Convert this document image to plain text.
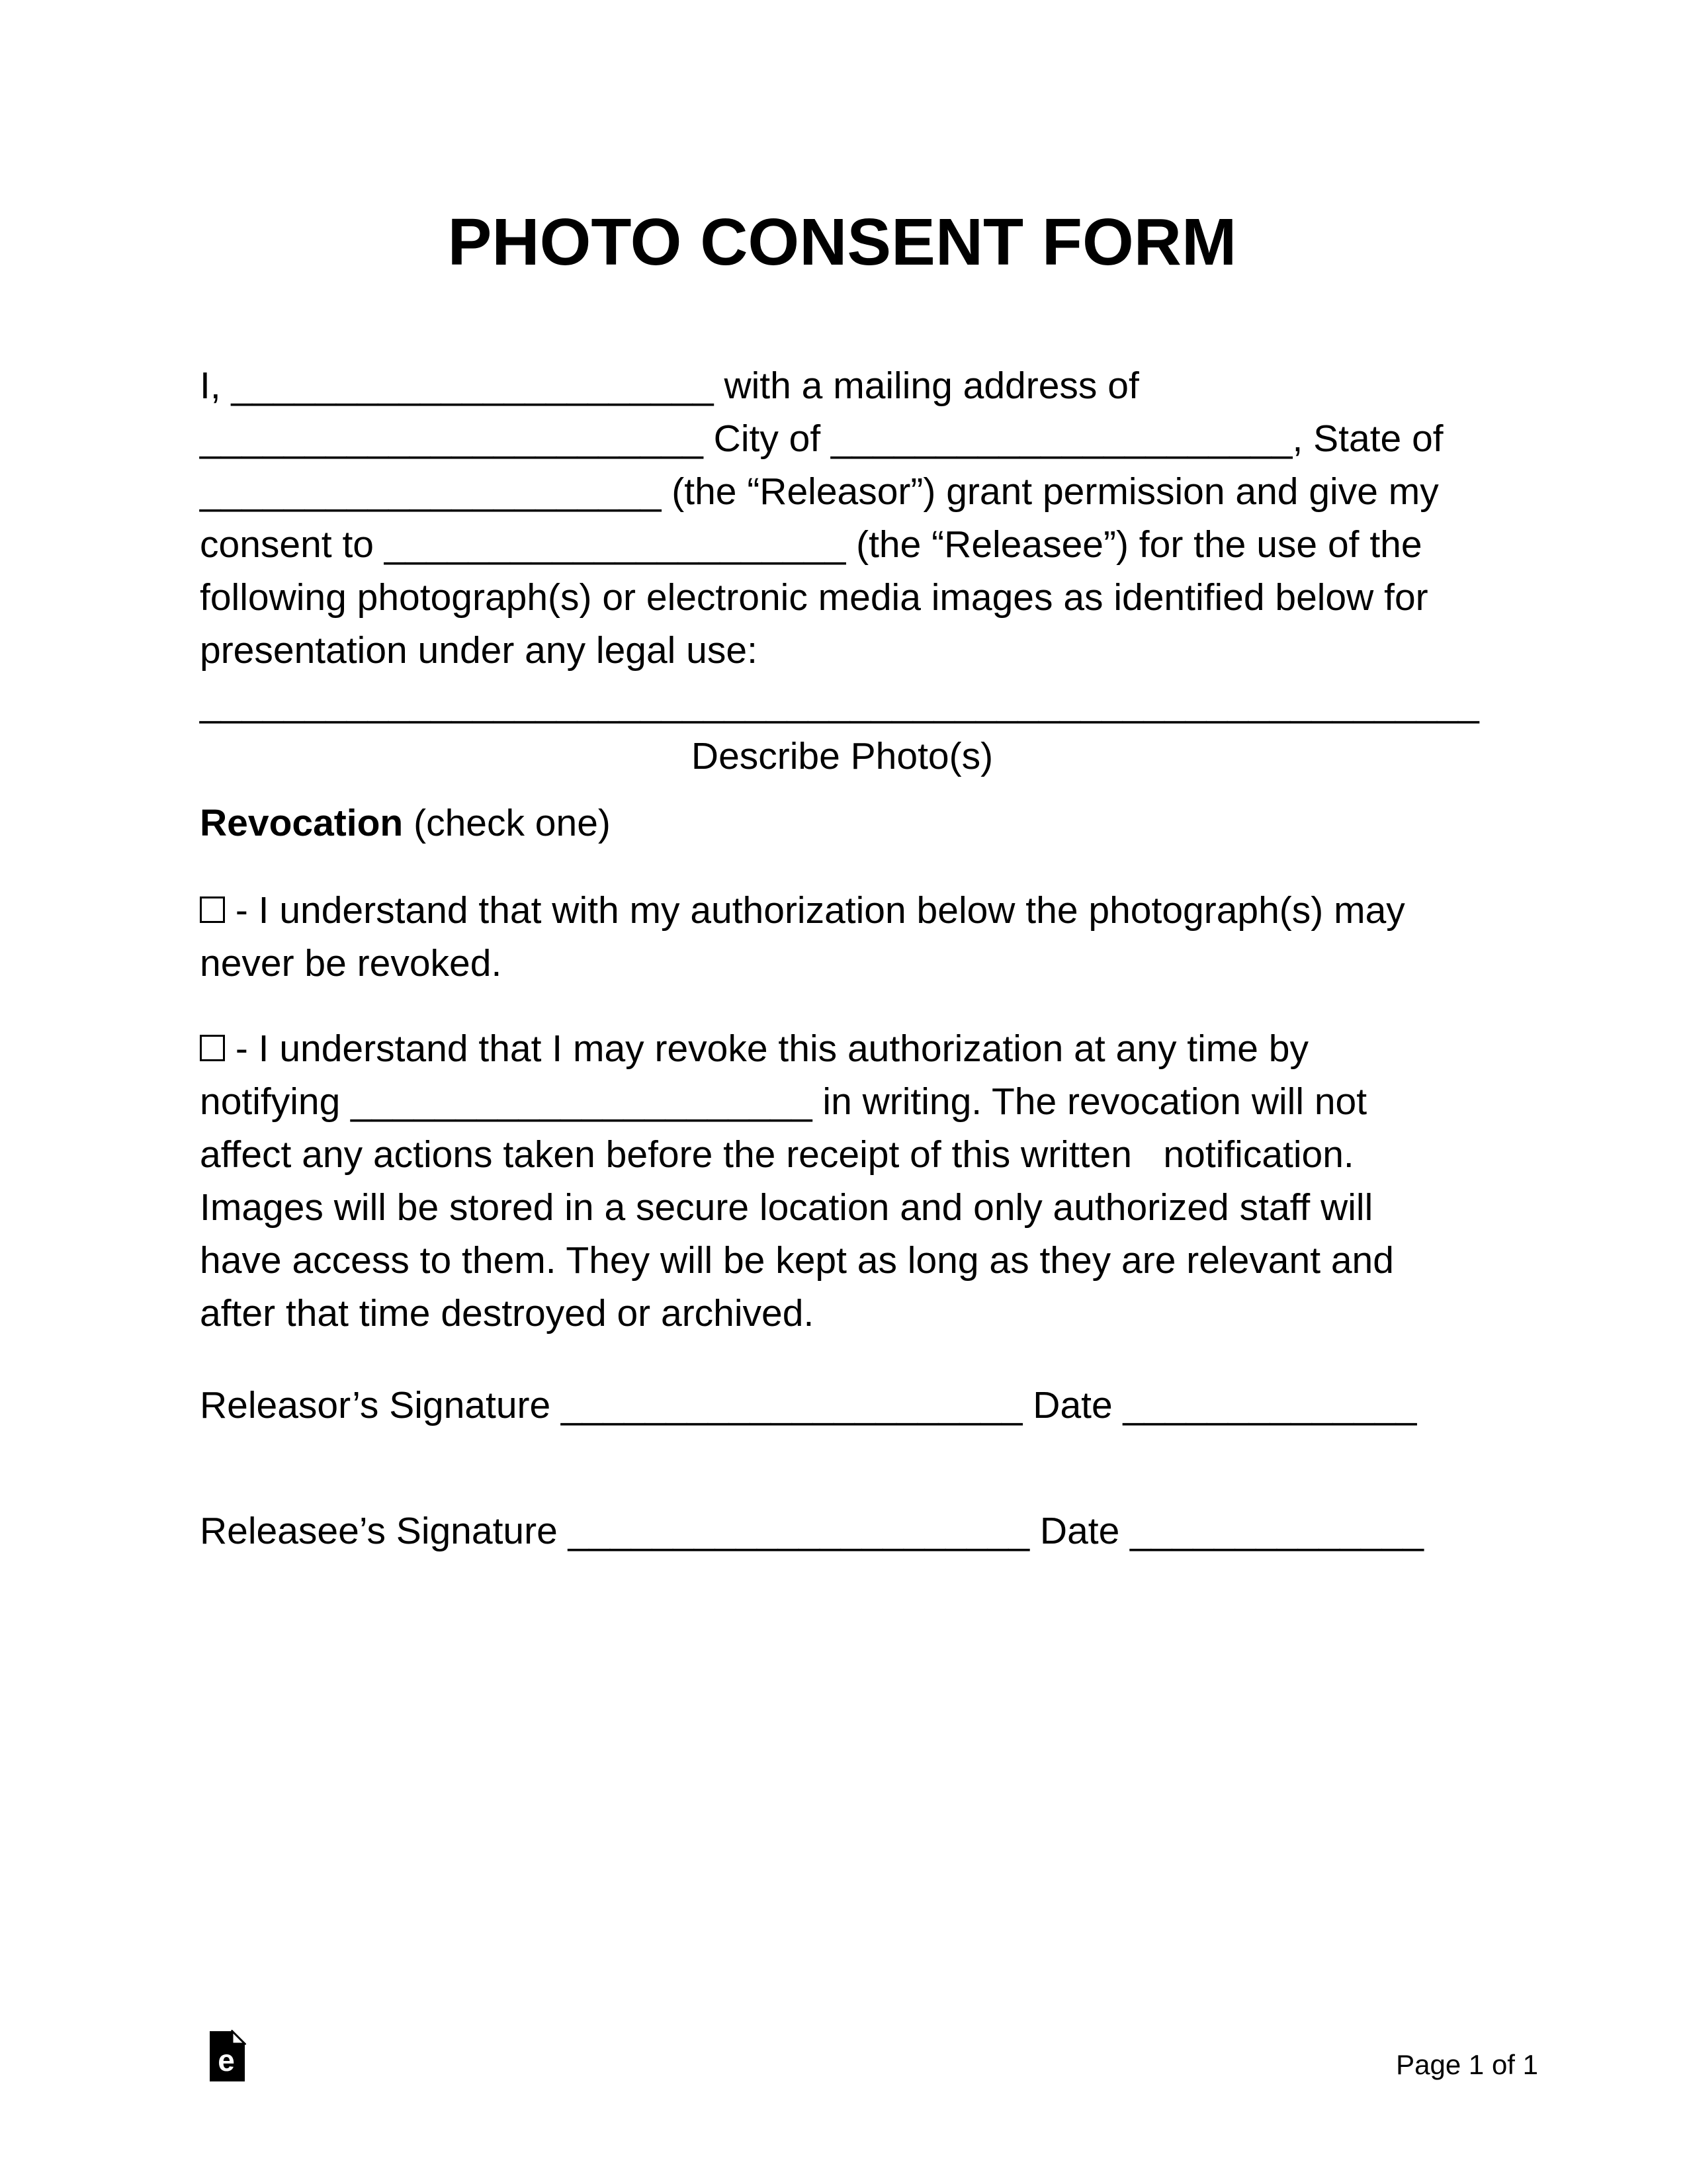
PHOTO CONSENT FORM
I, _______________________ with a mailing address of
________________________ City of ______________________, State of
______________________ (the “Releasor”) grant permission and give my
consent to ______________________ (the “Releasee”) for the use of the
following photograph(s) or electronic media images as identified below for
presentation under any legal use:
_____________________________________________________________
Describe Photo(s)
Revocation (check one)
- I understand that with my authorization below the photograph(s) may
never be revoked.
- I understand that I may revoke this authorization at any time by
notifying ______________________ in writing. The revocation will not
affect any actions taken before the receipt of this written   notification.
Images will be stored in a secure location and only authorized staff will
have access to them. They will be kept as long as they are relevant and
after that time destroyed or archived.
Releasor’s Signature ______________________ Date ______________
Releasee’s Signature ______________________ Date ______________
e	Page 1 of 1
